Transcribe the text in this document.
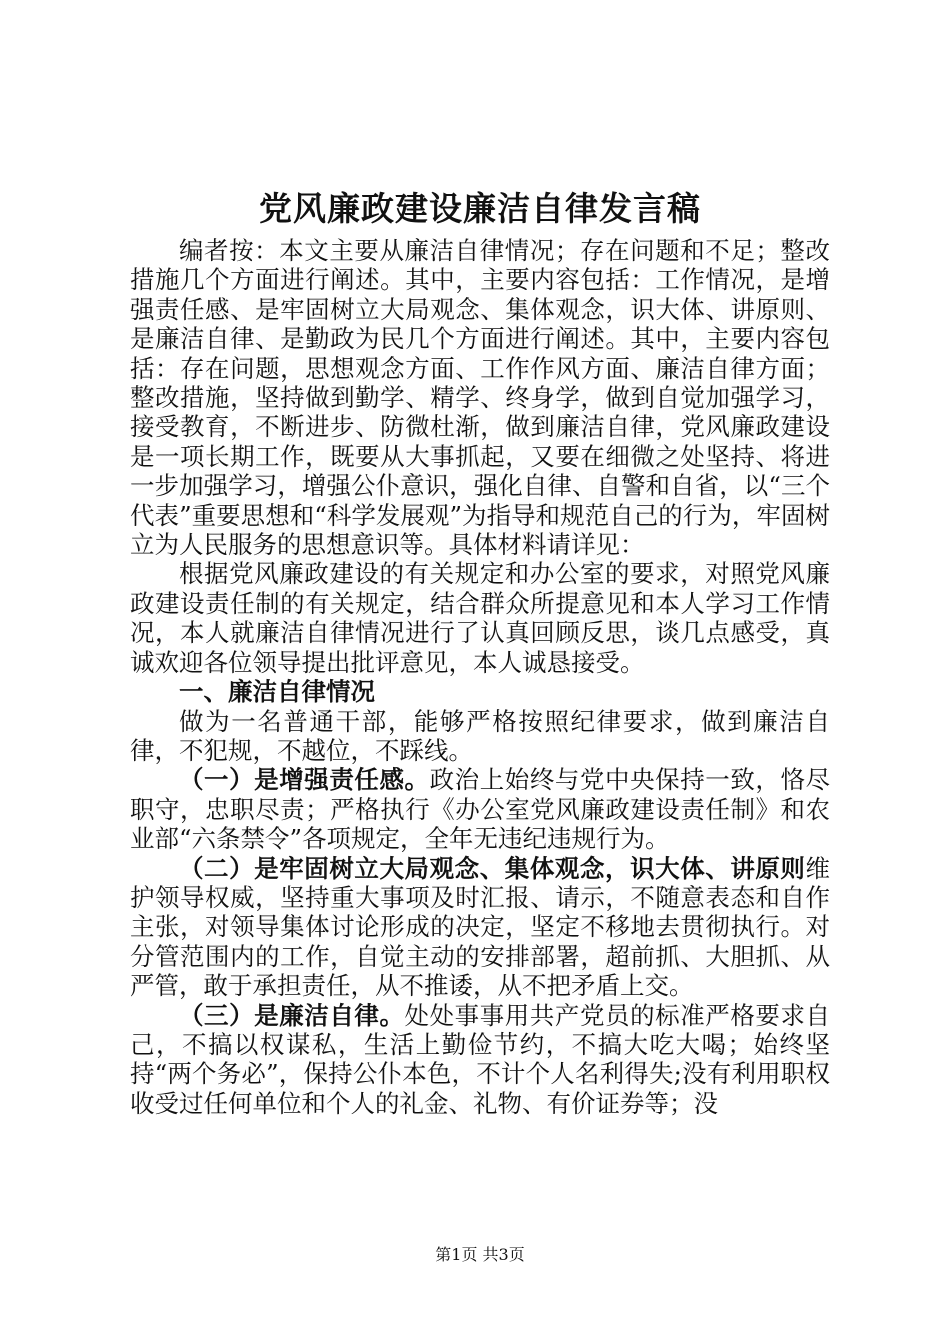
党风廉政建设廉洁自律发言稿

编者按：本文主要从廉洁自律情况；存在问题和不足；整改措施几个方面进行阐述。其中，主要内容包括：工作情况，是增强责任感、是牢固树立大局观念、集体观念，识大体、讲原则、是廉洁自律、是勤政为民几个方面进行阐述。其中，主要内容包括：存在问题，思想观念方面、工作作风方面、廉洁自律方面；整改措施，坚持做到勤学、精学、终身学，做到自觉加强学习，接受教育，不断进步、防微杜渐，做到廉洁自律，党风廉政建设是一项长期工作，既要从大事抓起，又要在细微之处坚持、将进一步加强学习，增强公仆意识，强化自律、自警和自省，以“三个代表”重要思想和“科学发展观”为指导和规范自己的行为，牢固树立为人民服务的思想意识等。具体材料请详见：

根据党风廉政建设的有关规定和办公室的要求，对照党风廉政建设责任制的有关规定，结合群众所提意见和本人学习工作情况，本人就廉洁自律情况进行了认真回顾反思，谈几点感受，真诚欢迎各位领导提出批评意见，本人诚恳接受。

一、廉洁自律情况

做为一名普通干部，能够严格按照纪律要求，做到廉洁自律，不犯规，不越位，不踩线。

（一）是增强责任感。政治上始终与党中央保持一致，恪尽职守，忠职尽责；严格执行《办公室党风廉政建设责任制》和农业部“六条禁令”各项规定，全年无违纪违规行为。

（二）是牢固树立大局观念、集体观念，识大体、讲原则维护领导权威，坚持重大事项及时汇报、请示，不随意表态和自作主张，对领导集体讨论形成的决定，坚定不移地去贯彻执行。对分管范围内的工作，自觉主动的安排部署，超前抓、大胆抓、从严管，敢于承担责任，从不推诿，从不把矛盾上交。

（三）是廉洁自律。处处事事用共产党员的标准严格要求自己，不搞以权谋私，生活上勤俭节约，不搞大吃大喝；始终坚持“两个务必”，保持公仆本色，不计个人名利得失;没有利用职权收受过任何单位和个人的礼金、礼物、有价证券等；没

第1页 共3页
